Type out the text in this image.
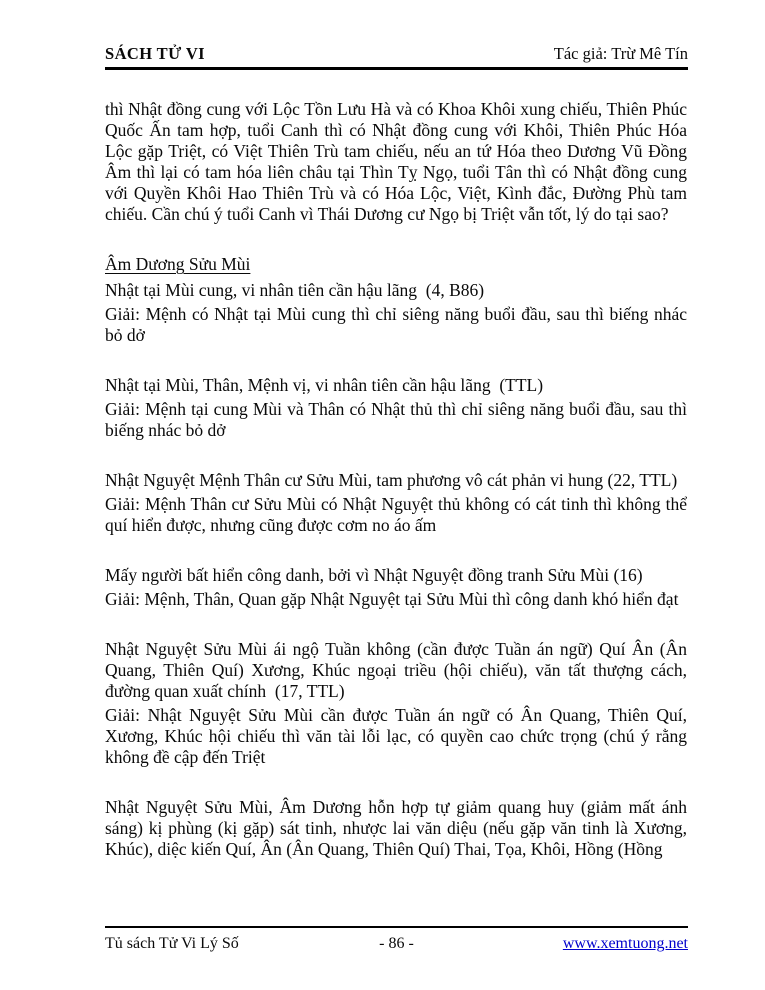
SÁCH TỬ VI	Tác giả: Trừ Mê Tín

thì Nhật đồng cung với Lộc Tồn Lưu Hà và có Khoa Khôi xung chiếu, Thiên Phúc Quốc Ấn tam hợp, tuổi Canh thì có Nhật đồng cung với Khôi, Thiên Phúc Hóa Lộc gặp Triệt, có Việt Thiên Trù tam chiếu, nếu an tứ Hóa theo Dương Vũ Đồng Âm thì lại có tam hóa liên châu tại Thìn Tỵ Ngọ, tuổi Tân thì có Nhật đồng cung với Quyền Khôi Hao Thiên Trù và có Hóa Lộc, Việt, Kình đắc, Đường Phù tam chiếu. Cần chú ý tuổi Canh vì Thái Dương cư Ngọ bị Triệt vẫn tốt, lý do tại sao?

Âm Dương Sửu Mùi

Nhật tại Mùi cung, vi nhân tiên cần hậu lãng  (4, B86)

Giải: Mệnh có Nhật tại Mùi cung thì chỉ siêng năng buổi đầu, sau thì biếng nhác bỏ dở

Nhật tại Mùi, Thân, Mệnh vị, vi nhân tiên cần hậu lãng  (TTL)

Giải: Mệnh tại cung Mùi và Thân có Nhật thủ thì chỉ siêng năng buổi đầu, sau thì biếng nhác bỏ dở

Nhật Nguyệt Mệnh Thân cư Sửu Mùi, tam phương vô cát phản vi hung (22, TTL)

Giải: Mệnh Thân cư Sửu Mùi có Nhật Nguyệt thủ không có cát tinh thì không thể quí hiển được, nhưng cũng được cơm no áo ấm

Mấy người bất hiển công danh, bởi vì Nhật Nguyệt đồng tranh Sửu Mùi (16)

Giải: Mệnh, Thân, Quan gặp Nhật Nguyệt tại Sửu Mùi thì công danh khó hiển đạt

Nhật Nguyệt Sửu Mùi ái ngộ Tuần không (cần được Tuần án ngữ) Quí Ân (Ân Quang, Thiên Quí) Xương, Khúc ngoại triều (hội chiếu), văn tất thượng cách, đường quan xuất chính  (17, TTL)

Giải: Nhật Nguyệt Sửu Mùi cần được Tuần án ngữ có Ân Quang, Thiên Quí, Xương, Khúc hội chiếu thì văn tài lỗi lạc, có quyền cao chức trọng (chú ý rằng không đề cập đến Triệt

Nhật Nguyệt Sửu Mùi, Âm Dương hỗn hợp tự giảm quang huy (giảm mất ánh sáng) kị phùng (kị gặp) sát tinh, nhược lai văn diệu (nếu gặp văn tinh là Xương, Khúc), diệc kiến Quí, Ân (Ân Quang, Thiên Quí) Thai, Tọa, Khôi, Hồng (Hồng

Tủ sách Tử Vi Lý Số	- 86 -	www.xemtuong.net
